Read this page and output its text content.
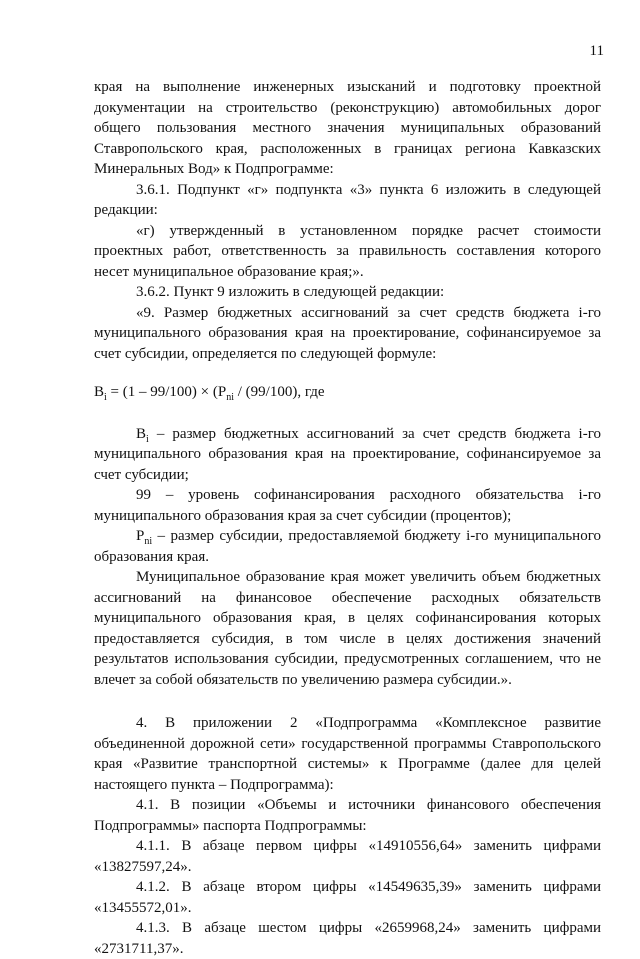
11

края на выполнение инженерных изысканий и подготовку проектной документации на строительство (реконструкцию) автомобильных дорог общего пользования местного значения муниципальных образований Ставропольского края, расположенных в границах региона Кавказских Минеральных Вод» к Подпрограмме:

3.6.1. Подпункт «г» подпункта «3» пункта 6 изложить в следующей редакции:

«г) утвержденный в установленном порядке расчет стоимости проектных работ, ответственность за правильность составления которого несет муниципальное образование края;».

3.6.2. Пункт 9 изложить в следующей редакции:

«9. Размер бюджетных ассигнований за счет средств бюджета i-го муниципального образования края на проектирование, софинансируемое за счет субсидии, определяется по следующей формуле:

$B_i = (1 - 99/100) \times (P_{ni} / (99/100)$, где

$B_i$ – размер бюджетных ассигнований за счет средств бюджета i-го муниципального образования края на проектирование, софинансируемое за счет субсидии;

99 – уровень софинансирования расходного обязательства i-го муниципального образования края за счет субсидии (процентов);

$P_{ni}$ – размер субсидии, предоставляемой бюджету i-го муниципального образования края.

Муниципальное образование края может увеличить объем бюджетных ассигнований на финансовое обеспечение расходных обязательств муниципального образования края, в целях софинансирования которых предоставляется субсидия, в том числе в целях достижения значений результатов использования субсидии, предусмотренных соглашением, что не влечет за собой обязательств по увеличению размера субсидии.».

4. В приложении 2 «Подпрограмма «Комплексное развитие объединенной дорожной сети» государственной программы Ставропольского края «Развитие транспортной системы» к Программе (далее для целей настоящего пункта – Подпрограмма):

4.1. В позиции «Объемы и источники финансового обеспечения Подпрограммы» паспорта Подпрограммы:

4.1.1. В абзаце первом цифры «14910556,64» заменить цифрами «13827597,24».

4.1.2. В абзаце втором цифры «14549635,39» заменить цифрами «13455572,01».

4.1.3. В абзаце шестом цифры «2659968,24» заменить цифрами «2731711,37».
